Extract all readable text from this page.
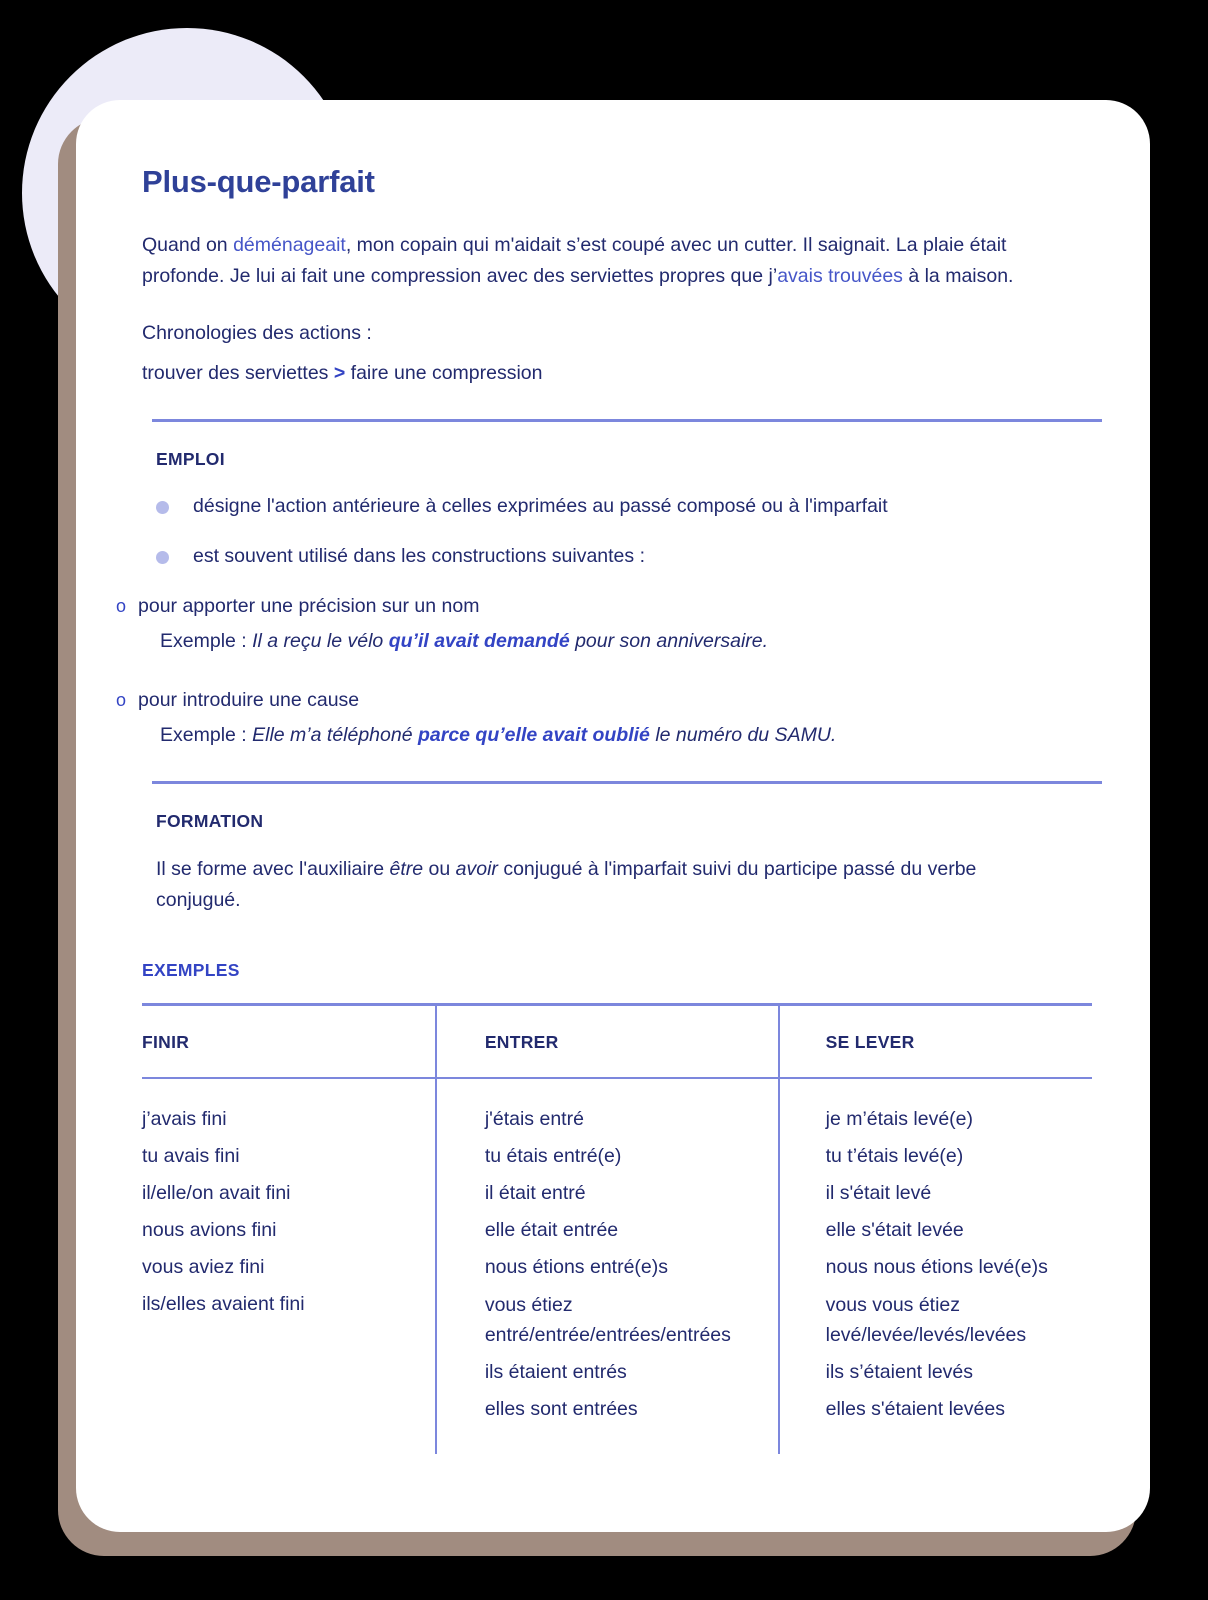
Plus-que-parfait
Quand on déménageait, mon copain qui m'aidait s’est coupé avec un cutter. Il saignait. La plaie était profonde. Je lui ai fait une compression avec des serviettes propres que j’avais trouvées à la maison.
Chronologies des actions :
trouver des serviettes > faire une compression
EMPLOI
désigne l'action antérieure à celles exprimées au passé composé ou à l'imparfait
est souvent utilisé dans les constructions suivantes :
o pour apporter une précision sur un nom
Exemple : Il a reçu le vélo qu’il avait demandé pour son anniversaire.
o pour introduire une cause
Exemple : Elle m’a téléphoné parce qu’elle avait oublié le numéro du SAMU.
FORMATION
Il se forme avec l'auxiliaire être ou avoir conjugué à l'imparfait suivi du participe passé du verbe conjugué.
EXEMPLES
FINIR	ENTRER	SE LEVER
j’avais fini
tu avais fini
il/elle/on avait fini
nous avions fini
vous aviez fini
ils/elles avaient fini
j'étais entré
tu étais entré(e)
il était entré
elle était entrée
nous étions entré(e)s
vous étiez entré/entrée/entrées/entrées
ils étaient entrés
elles sont entrées
je m’étais levé(e)
tu t’étais levé(e)
il s'était levé
elle s'était levée
nous nous étions levé(e)s
vous vous étiez levé/levée/levés/levées
ils s’étaient levés
elles s'étaient levées
